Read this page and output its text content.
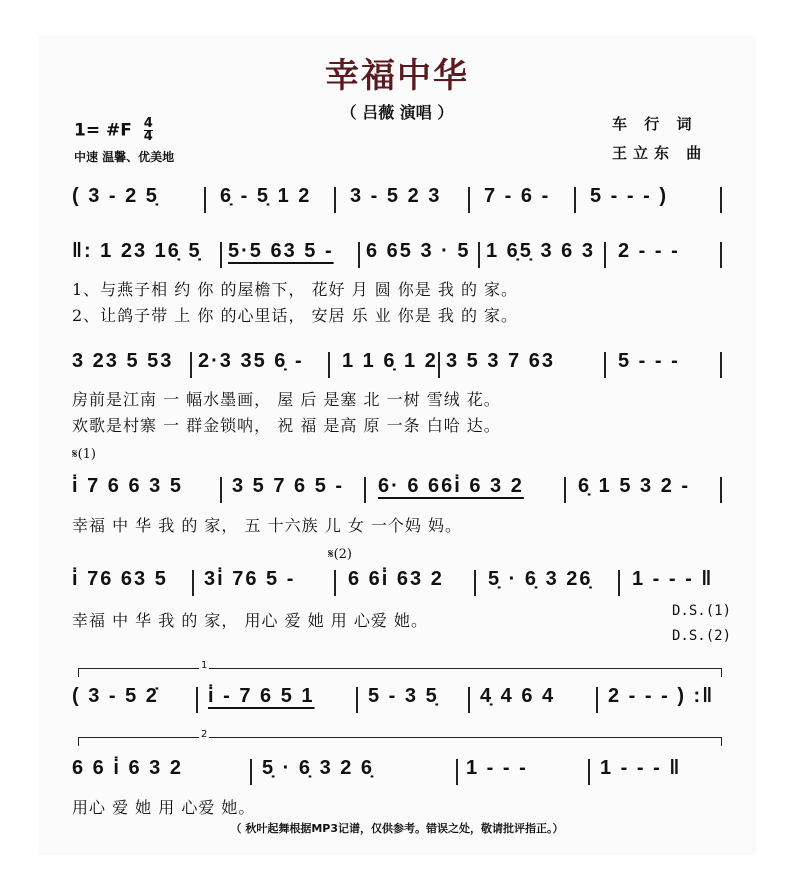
幸福中华
（ 吕薇 演唱 ）
1= #F $\frac{4}{4}$
中速 温馨、优美地
车 行 词
王立东 曲
( 3 - 2 5̣	6̣ - 5̣ 1 2 3 - 5 2 3 7 - 6 - 5 - - - )
‖: 1 23 16̣ 5̣ 5·5 63 5 - 6 65 3 · 5 1 6̣5̣ 3 6 3 2 - - -
1、与燕子相 约 你 的屋檐下， 花好 月 圆 你是 我 的 家。
2、让鸽子带 上 你 的心里话， 安居 乐 业 你是 我 的 家。
3 23 5 53 2·3 35 6̣ - 1 1 6̣ 1 2 3 5 3 7 63	5 - - -
房前是江南 一 幅水墨画， 屋 后 是塞 北 一树 雪绒 花。
欢歌是村寨 一 群金锁呐， 祝 福 是高 原 一条 白哈 达。
𝄋(1)
i̇ 7 6 6 3 5 3 5 7 6 5 - 6· 6 66i̇ 6 3 2	6̣ 1 5 3 2 -
幸福 中 华 我 的 家， 五 十六族 儿 女 一个妈 妈。
𝄋(2)
i̇ 76 63 5 3i̇ 76 5 -	6 6i̇ 63 2 5̣ · 6̣ 3 26̣ 1 - - - ‖
幸福 中 华 我 的 家， 用心 爱 她 用 心爱 她。	D.S.(1)
D.S.(2)
1
( 3 - 5 2̇ i̇ - 7 6 5 1	5 - 3 5̣ 4̣ 4 6 4	2 - - - ) :‖
2
6 6 i̇ 6 3 2	5̣ · 6̣ 3 2 6̣	1 - - -	1 - - - ‖
用心 爱 她 用 心爱 她。
（ 秋叶起舞根据MP3记谱，仅供参考。错误之处，敬请批评指正。）
